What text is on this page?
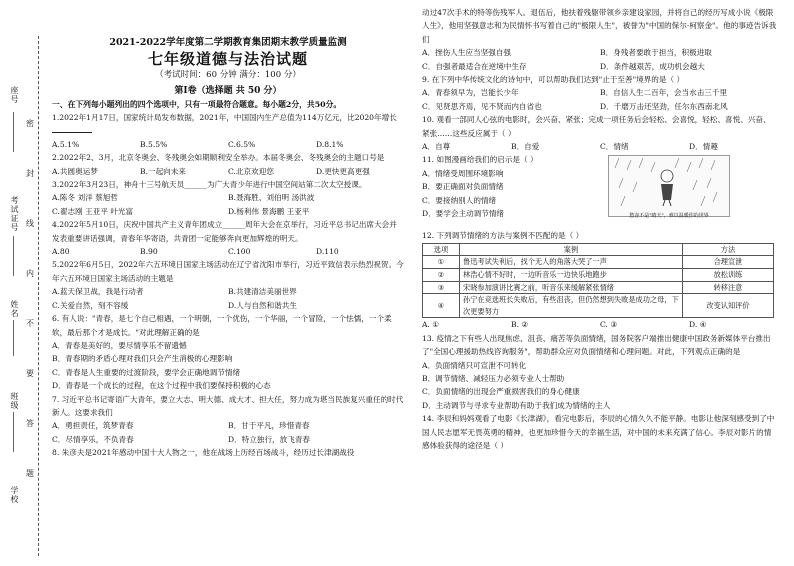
座号
考试证号
姓名
班级
学校
密
封
线
内
不
要
答
题
2021-2022学年度第二学期教育集团期末教学质量监测
七年级道德与法治试题
（考试时间：60 分钟 满分：100 分）
第Ⅰ卷（选择题 共 50 分）
一、在下列每小题列出的四个选项中，只有一项最符合题意。每小题2分，共50分。

1.2022年1月17日，国家统计局发布数据，2021年，中国国内生产总值为114万亿元，比2020年增长

A.5.1%	B.5.5%	C.6.5%	D.8.1%

2.2022年2、3月，北京冬奥会、冬残奥会如期顺利安全举办。本届冬奥会、冬残奥会的主题口号是

A.共圆奥运梦	B.一起向未来	C.北京欢迎您	D.更快更高更强

3.2022年3月23日，神舟十三号航天员______为广大青少年进行中国空间站第二次太空授课。

A.陈冬 刘洋 蔡旭哲	B.聂海胜、刘伯明 汤洪波
C.翟志刚 王亚平 叶光富	D.杨利伟 景海鹏 王亚平

4.2022年5月10日，庆祝中国共产主义青年团成立______周年大会在京举行，习近平总书记出席大会并发表重要讲话强调，青春年华寄语，共青团一定能够奔向更加辉煌的明天。

A.80	B.90	C.100	D.110

5.2022年6月5日，2022年六五环境日国家主场活动在辽宁省沈阳市举行，习近平致信表示热烈祝贺。今年六五环境日国家主场活动的主题是

A.蓝天保卫战，我是行动者	B.共建清洁美丽世界
C.关爱自然，刻不容缓	D.人与自然和谐共生

6. 有人说："青春，是七个自己相遇，一个明朝，一个优伤，一个华丽，一个冒险，一个怯懦，一个柔软，最后那个才是成长。"对此理解正确的是

A．青春是美好的，要尽情享乐不留遗憾
B．青春期的矛盾心理对我们只会产生消极的心理影响
C．青春是人生重要的过渡阶段，要学会正确地调节情绪
D．青春是一个成长的过程，在这个过程中我们要保持积极的心态

7. 习近平总书记寄语广大青年，要立大志、明大德、成大才、担大任，努力成为堪当民族复兴重任的时代新人。这要求我们

A．勇担责任，筑梦青春	B．甘于平凡，珍惜青春
C．尽情享乐，不负青春	D．特立独行，放飞青春

8. 朱彦夫是2021年感动中国十大人物之一，他在战场上历经百场战斗，经历过长津湖战役

动过47次手术的特等伤残军人。退伍后，他扶着残躯带领乡亲建设家园，并将自己的经历写成小说《极限人生》，他用坚强意志和为民情怀书写着自己的"极限人生"，被誉为"中国的保尔·柯察金"。他的事迹告诉我们

A．挫伤人生应当坚强自强	B．身残者要敢于担当，积极进取
C．自强者最适合在逆境中生存	D．条件越艰苦，成功机会越大

9. 在下列中华传统文化的诗句中，可以帮助我们达到"止于至善"境界的是（ ）

A．青春须早为，岂能长少年	B．自信人生二百年，会当水击三千里
C．见贤思齐焉，见不贤而内自省也	D．千磨万击还坚劲，任尔东西南北风

10. 观看一部同人心弦的电影时，会兴奋、紧张；完成一项任务后会轻松、会喜悦，轻松、喜悦、兴奋、紧张……这些反应属于（ ）

A．自尊	B．自爱	C．情绪	D．情趣

11. 如图漫画给我们的启示是（ ）

A．情绪受周围环境影响
B．要正确面对负面情绪
C．要接纳别人的情绪
D．要学会主动调节情绪	愁容不是"晴天"，难以温暖你的世界

12. 下列调节情绪的方法与案例不匹配的是（ ）

选项	案例	方法
①	鲁迅考试失利后，找个无人的角落大哭了一声	合理宣泄
②	林浩心情不好时，一边听音乐一边快乐地跑步	放松训练
③	宋晓参加演讲比赛之前，听音乐来缓解紧张情绪	转移注意
④	孙宁在竞选班长失败后，有些沮丧，但仍然想到失败是成功之母，下次更要努力	改变认知评价
A. ①	B. ②	C. ③	D. ④

13. 疫情之下有些人出现焦虑、沮丧、痛苦等负面情绪，国务院客户端推出健康中国政务新媒体平台推出了"全国心理援助热线咨询服务"，帮助群众应对负面情绪和心理问题。对此，下列观点正确的是

A．负面情绪只可宣泄不可转化
B．调节情绪、减轻压力必须专业人士帮助
C．负面情绪的出现会严重损害我们的身心健康
D．主动调节与寻求专业帮助有助于我们成为情绪的主人

14. 李辰和妈妈观看了电影《长津湖》，看完电影后，李辰的心情久久不能平静。电影让他深刻感受到了中国人民志愿军无畏英勇的精神，也更加珍惜今天的幸福生活，对中国的未来充满了信心。李辰对影片的情感体验获得的途径是（ ）
